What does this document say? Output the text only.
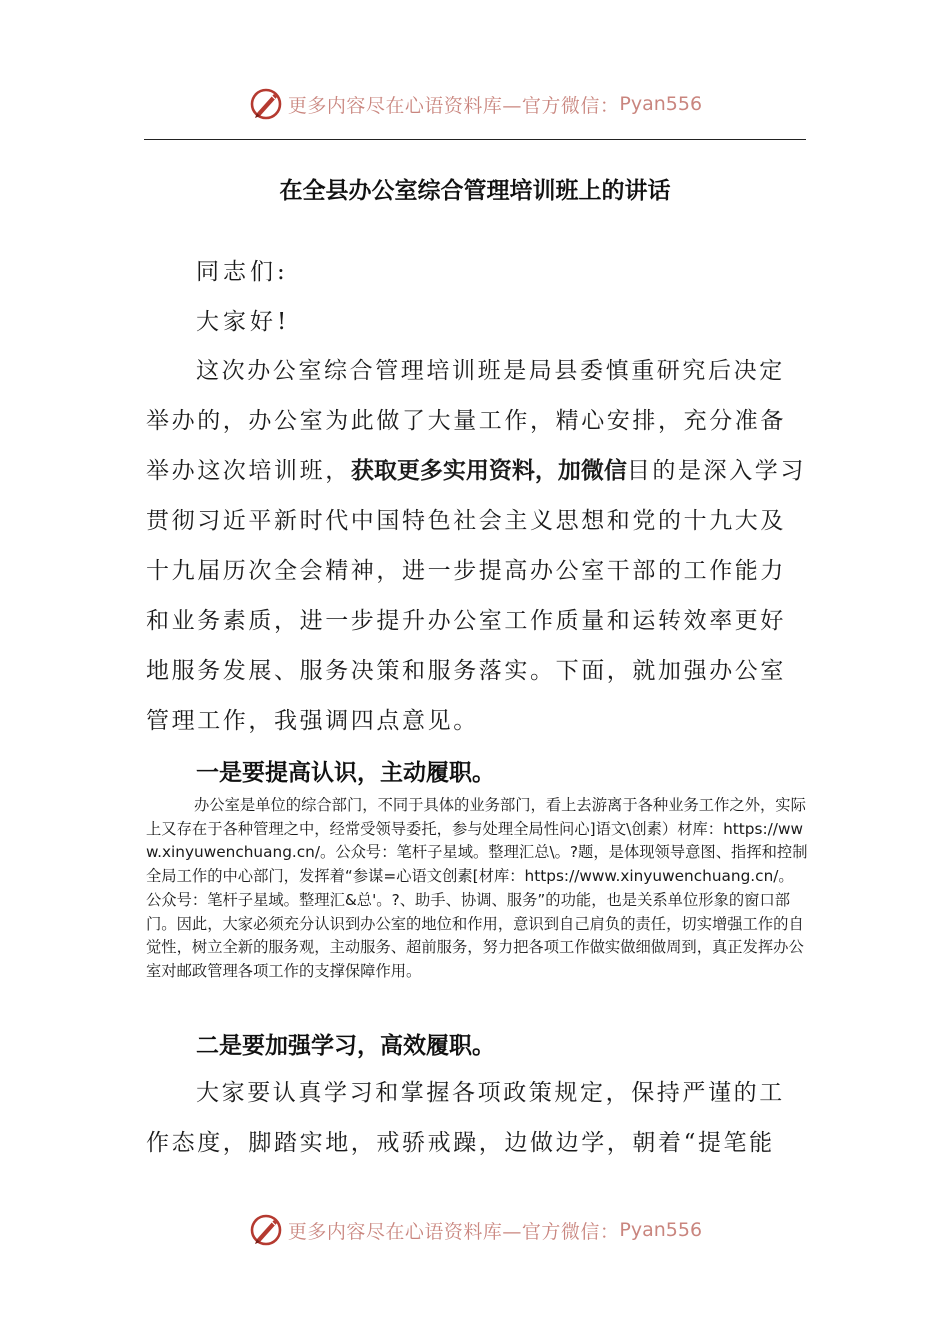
更多内容尽在心语资料库—官方微信： Pyan556
在全县办公室综合管理培训班上的讲话

同志们:

大家好!

这次办公室综合管理培训班是局县委慎重研究后决定举办的，办公室为此做了大量工作，精心安排，充分准备举办这次培训班，获取更多实用资料，加微信目的是深入学习贯彻习近平新时代中国特色社会主义思想和党的十九大及十九届历次全会精神，进一步提高办公室干部的工作能力和业务素质，进一步提升办公室工作质量和运转效率更好地服务发展、服务决策和服务落实。下面，就加强办公室管理工作，我强调四点意见。

一是要提高认识，主动履职。

办公室是单位的综合部门，不同于具体的业务部门，看上去游离于各种业务工作之外，实际上又存在于各种管理之中，经常受领导委托，参与处理全局性问心]语文\创素）材库：https://www.xinyuwenchuang.cn/。公众号：笔杆子星域。整理汇总\。?题，是体现领导意图、指挥和控制全局工作的中心部门，发挥着“参谋=心语文创素[材库：https://www.xinyuwenchuang.cn/。公众号：笔杆子星域。整理汇&总'。?、助手、协调、服务”的功能，也是关系单位形象的窗口部门。因此，大家必须充分认识到办公室的地位和作用，意识到自己肩负的责任，切实增强工作的自觉性，树立全新的服务观，主动服务、超前服务，努力把各项工作做实做细做周到，真正发挥办公室对邮政管理各项工作的支撑保障作用。

二是要加强学习，高效履职。

大家要认真学习和掌握各项政策规定，保持严谨的工作态度，脚踏实地，戒骄戒躁，边做边学，朝着“提笔能

更多内容尽在心语资料库—官方微信： Pyan556
